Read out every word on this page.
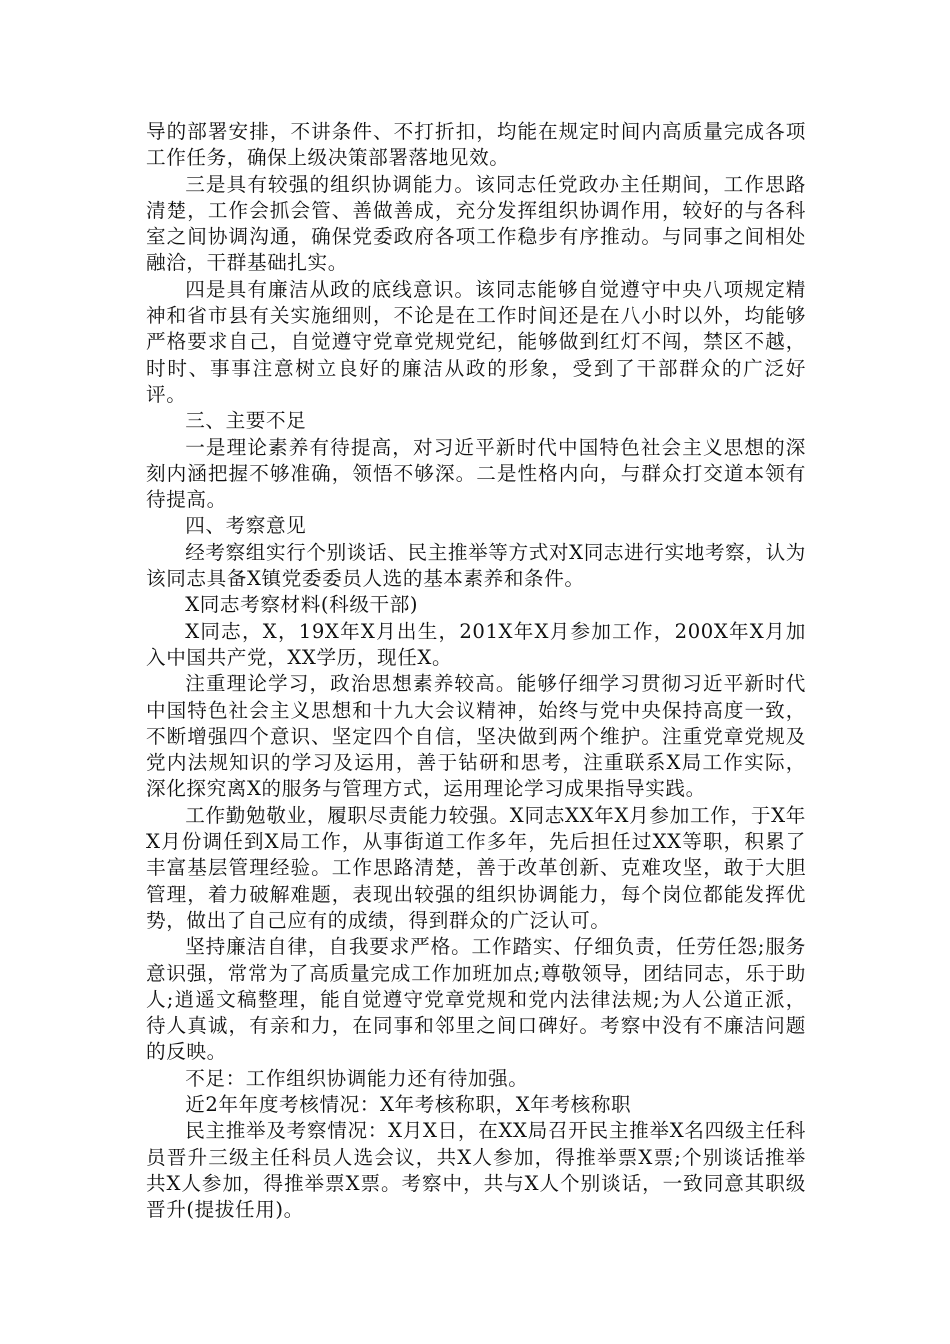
导的部署安排，不讲条件、不打折扣，均能在规定时间内高质量完成各项工作任务，确保上级决策部署落地见效。

三是具有较强的组织协调能力。该同志任党政办主任期间，工作思路清楚，工作会抓会管、善做善成，充分发挥组织协调作用，较好的与各科室之间协调沟通，确保党委政府各项工作稳步有序推动。与同事之间相处融洽，干群基础扎实。

四是具有廉洁从政的底线意识。该同志能够自觉遵守中央八项规定精神和省市县有关实施细则，不论是在工作时间还是在八小时以外，均能够严格要求自己，自觉遵守党章党规党纪，能够做到红灯不闯，禁区不越，时时、事事注意树立良好的廉洁从政的形象，受到了干部群众的广泛好评。

三、主要不足

一是理论素养有待提高，对习近平新时代中国特色社会主义思想的深刻内涵把握不够准确，领悟不够深。二是性格内向，与群众打交道本领有待提高。

四、考察意见

经考察组实行个别谈话、民主推举等方式对X同志进行实地考察，认为该同志具备X镇党委委员人选的基本素养和条件。

X同志考察材料(科级干部)

X同志，X，19X年X月出生，201X年X月参加工作，200X年X月加入中国共产党，XX学历，现任X。

注重理论学习，政治思想素养较高。能够仔细学习贯彻习近平新时代中国特色社会主义思想和十九大会议精神，始终与党中央保持高度一致，不断增强四个意识、坚定四个自信，坚决做到两个维护。注重党章党规及党内法规知识的学习及运用，善于钻研和思考，注重联系X局工作实际，深化探究离X的服务与管理方式，运用理论学习成果指导实践。

工作勤勉敬业，履职尽责能力较强。X同志XX年X月参加工作，于X年X月份调任到X局工作，从事街道工作多年，先后担任过XX等职，积累了丰富基层管理经验。工作思路清楚，善于改革创新、克难攻坚，敢于大胆管理，着力破解难题，表现出较强的组织协调能力，每个岗位都能发挥优势，做出了自己应有的成绩，得到群众的广泛认可。

坚持廉洁自律，自我要求严格。工作踏实、仔细负责，任劳任怨;服务意识强，常常为了高质量完成工作加班加点;尊敬领导，团结同志，乐于助人;逍遥文稿整理，能自觉遵守党章党规和党内法律法规;为人公道正派，待人真诚，有亲和力，在同事和邻里之间口碑好。考察中没有不廉洁问题的反映。

不足：工作组织协调能力还有待加强。

近2年年度考核情况：X年考核称职，X年考核称职

民主推举及考察情况：X月X日，在XX局召开民主推举X名四级主任科员晋升三级主任科员人选会议，共X人参加，得推举票X票;个别谈话推举共X人参加，得推举票X票。考察中，共与X人个别谈话，一致同意其职级晋升(提拔任用)。
